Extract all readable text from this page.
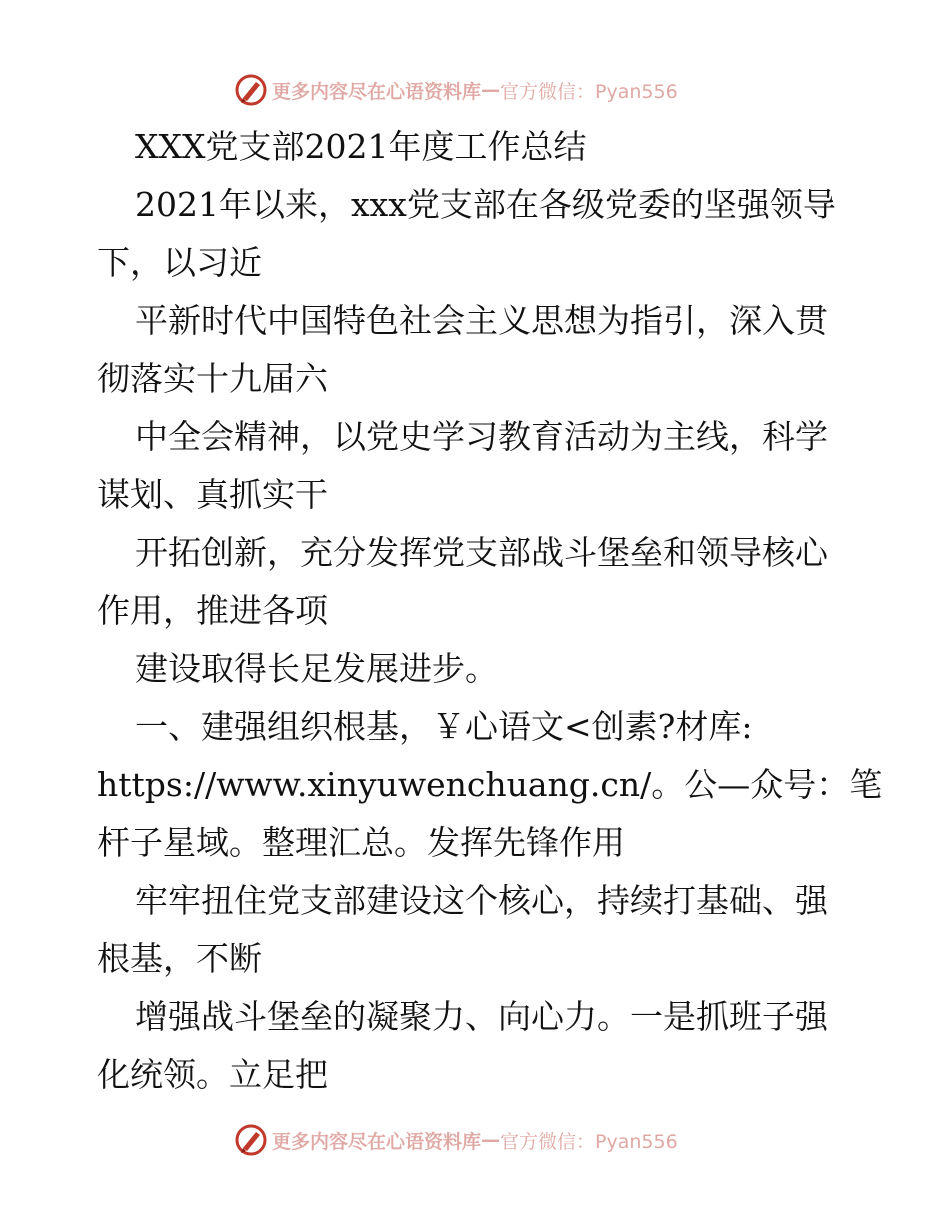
更多内容尽在心语资料库 — 官方微信：Pyan556
XXX党支部2021年度工作总结
2021年以来，xxx党支部在各级党委的坚强领导
下，以习近
平新时代中国特色社会主义思想为指引，深入贯
彻落实十九届六
中全会精神，以党史学习教育活动为主线，科学
谋划、真抓实干
开拓创新，充分发挥党支部战斗堡垒和领导核心
作用，推进各项
建设取得长足发展进步。
一、建强组织根基，￥心语文<创素?材库:
https://www.xinyuwenchuang.cn/。公—众号：笔
杆子星域。整理汇总。发挥先锋作用
牢牢扭住党支部建设这个核心，持续打基础、强
根基，不断
增强战斗堡垒的凝聚力、向心力。一是抓班子强
化统领。立足把
更多内容尽在心语资料库 — 官方微信：Pyan556
